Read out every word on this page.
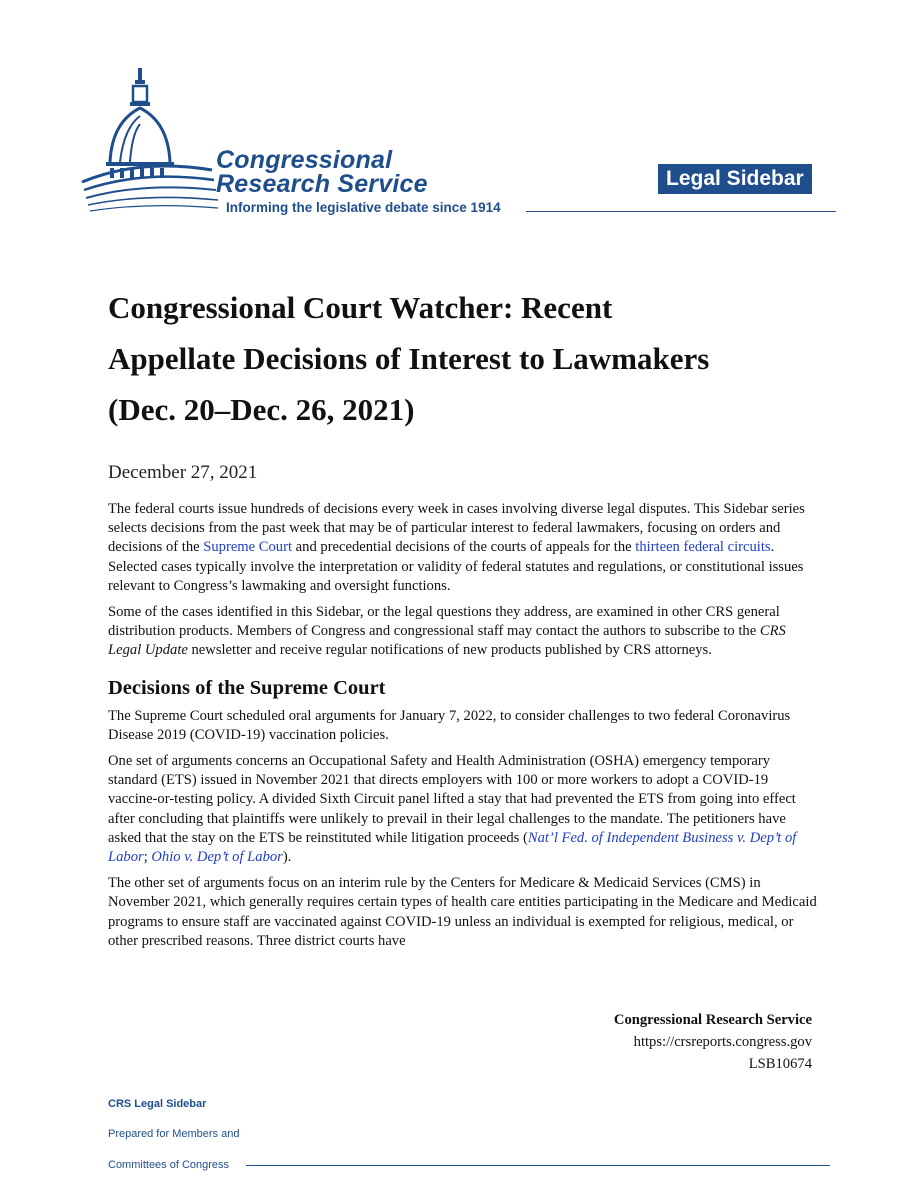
Congressional
Research Service
Informing the legislative debate since 1914
Legal Sidebar
Congressional Court Watcher: Recent
Appellate Decisions of Interest to Lawmakers
(Dec. 20–Dec. 26, 2021)
December 27, 2021

The federal courts issue hundreds of decisions every week in cases involving diverse legal disputes. This Sidebar series selects decisions from the past week that may be of particular interest to federal lawmakers, focusing on orders and decisions of the Supreme Court and precedential decisions of the courts of appeals for the thirteen federal circuits. Selected cases typically involve the interpretation or validity of federal statutes and regulations, or constitutional issues relevant to Congress’s lawmaking and oversight functions.

Some of the cases identified in this Sidebar, or the legal questions they address, are examined in other CRS general distribution products. Members of Congress and congressional staff may contact the authors to subscribe to the CRS Legal Update newsletter and receive regular notifications of new products published by CRS attorneys.

Decisions of the Supreme Court

The Supreme Court scheduled oral arguments for January 7, 2022, to consider challenges to two federal Coronavirus Disease 2019 (COVID-19) vaccination policies.

One set of arguments concerns an Occupational Safety and Health Administration (OSHA) emergency temporary standard (ETS) issued in November 2021 that directs employers with 100 or more workers to adopt a COVID-19 vaccine-or-testing policy. A divided Sixth Circuit panel lifted a stay that had prevented the ETS from going into effect after concluding that plaintiffs were unlikely to prevail in their legal challenges to the mandate. The petitioners have asked that the stay on the ETS be reinstituted while litigation proceeds (Nat’l Fed. of Independent Business v. Dep’t of Labor; Ohio v. Dep’t of Labor).

The other set of arguments focus on an interim rule by the Centers for Medicare & Medicaid Services (CMS) in November 2021, which generally requires certain types of health care entities participating in the Medicare and Medicaid programs to ensure staff are vaccinated against COVID-19 unless an individual is exempted for religious, medical, or other prescribed reasons. Three district courts have

Congressional Research Service
https://crsreports.congress.gov
LSB10674
CRS Legal Sidebar
Prepared for Members and
Committees of Congress
